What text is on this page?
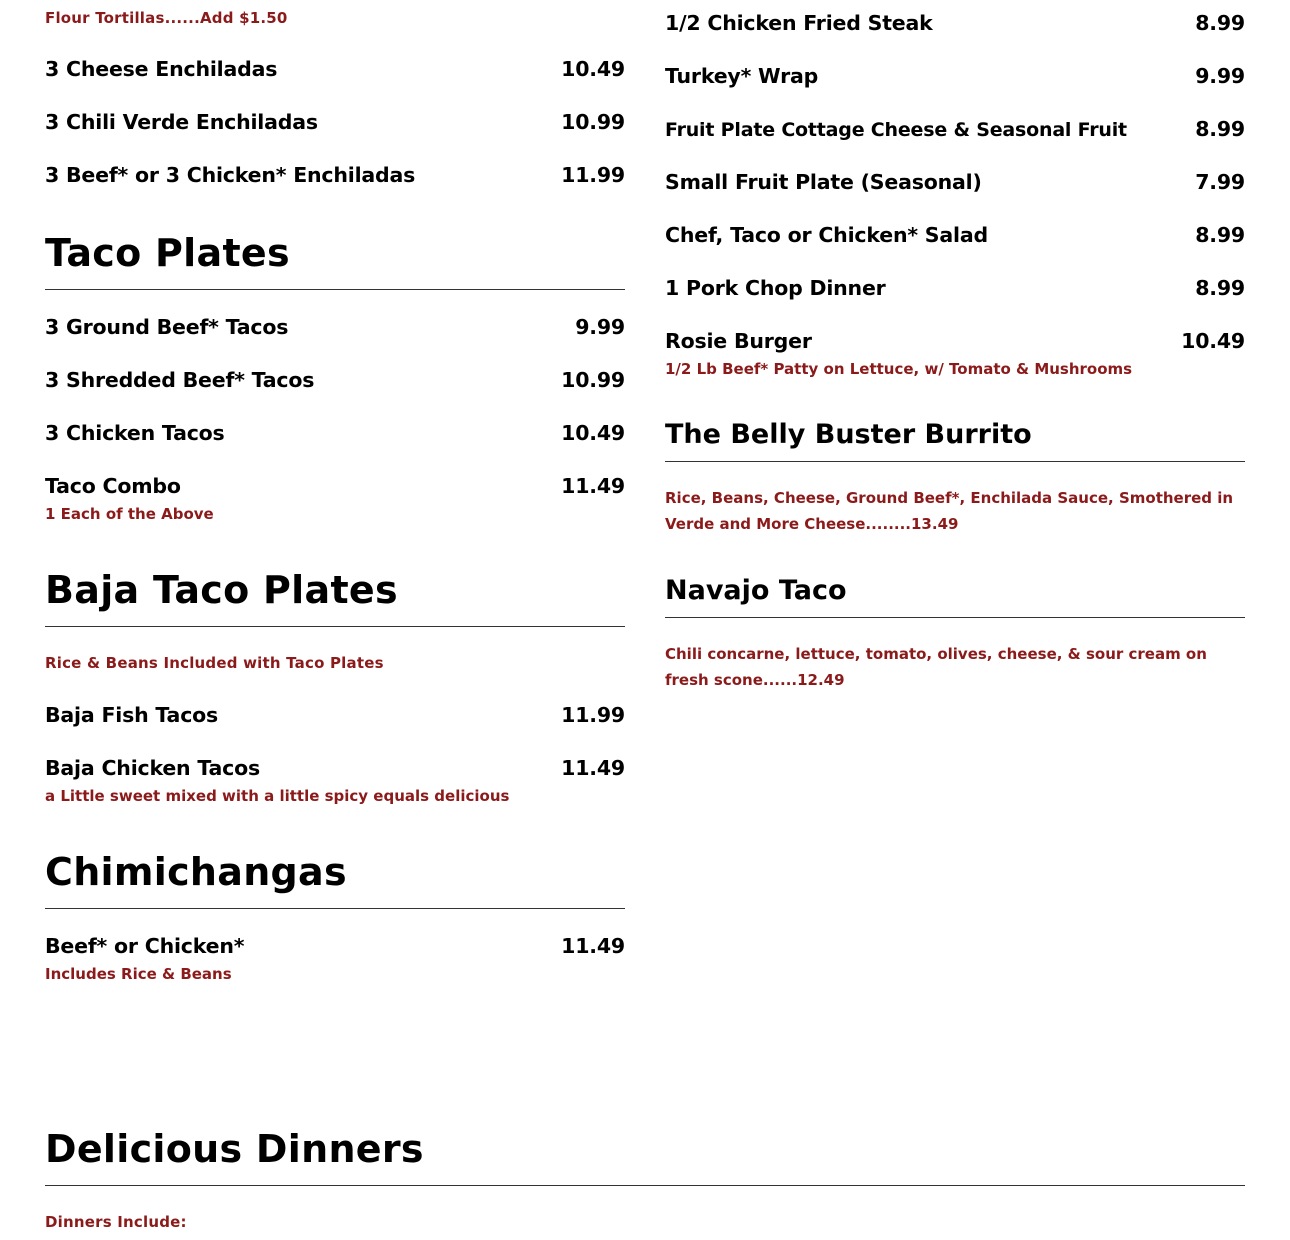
Flour Tortillas......Add $1.50
3 Cheese Enchiladas	10.49
3 Chili Verde Enchiladas	10.99
3 Beef* or 3 Chicken* Enchiladas	11.99
Taco Plates
3 Ground Beef* Tacos	9.99
3 Shredded Beef* Tacos	10.99
3 Chicken Tacos	10.49
Taco Combo	11.49
1 Each of the Above
Baja Taco Plates
Rice & Beans Included with Taco Plates
Baja Fish Tacos	11.99
Baja Chicken Tacos	11.49
a Little sweet mixed with a little spicy equals delicious
Chimichangas
Beef* or Chicken*	11.49
Includes Rice & Beans
1/2 Chicken Fried Steak	8.99
Turkey* Wrap	9.99
Fruit Plate Cottage Cheese & Seasonal Fruit	8.99
Small Fruit Plate (Seasonal)	7.99
Chef, Taco or Chicken* Salad	8.99
1 Pork Chop Dinner	8.99
Rosie Burger	10.49
1/2 Lb Beef* Patty on Lettuce, w/ Tomato & Mushrooms
The Belly Buster Burrito
Rice, Beans, Cheese, Ground Beef*, Enchilada Sauce, Smothered in Verde and More Cheese........13.49
Navajo Taco
Chili concarne, lettuce, tomato, olives, cheese, & sour cream on fresh scone......12.49
Delicious Dinners
Dinners Include:
